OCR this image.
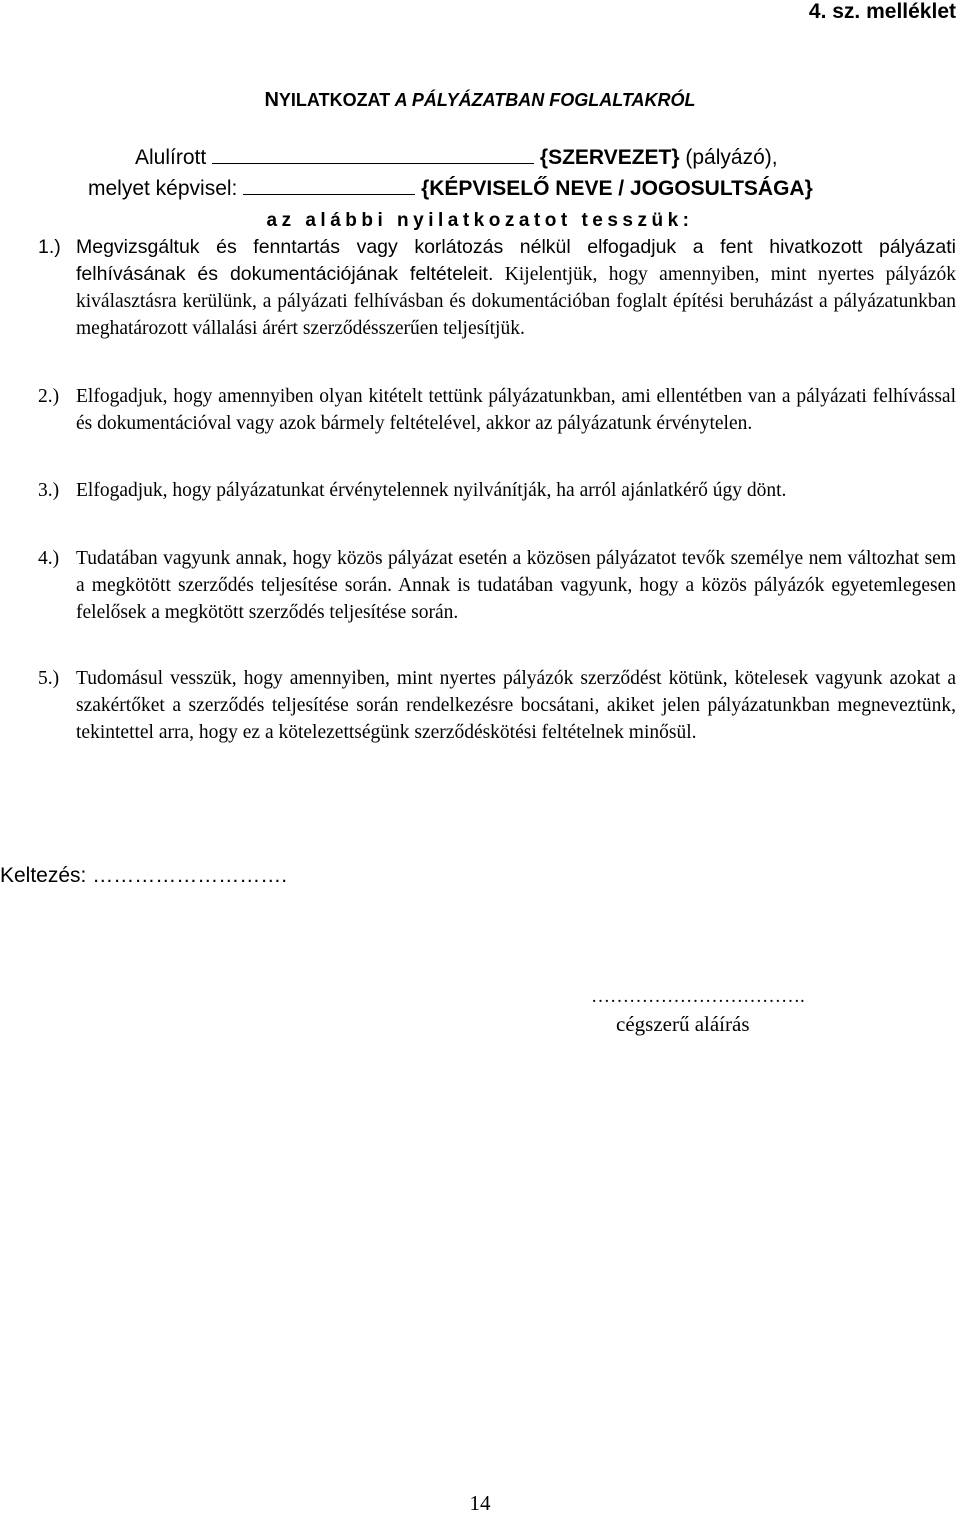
4. sz. melléklet

NYILATKOZAT A PÁLYÁZATBAN FOGLALTAKRÓL

Alulírott	{SZERVEZET} (pályázó),
melyet képvisel:	{KÉPVISELŐ NEVE / JOGOSULTSÁGA}

az alábbi nyilatkozatot tesszük:

1.) Megvizsgáltuk és fenntartás vagy korlátozás nélkül elfogadjuk a fent hivatkozott pályázati felhívásának és dokumentációjának feltételeit. Kijelentjük, hogy amennyiben, mint nyertes pályázók kiválasztásra kerülünk, a pályázati felhívásban és dokumentációban foglalt építési beruházást a pályázatunkban meghatározott vállalási árért szerződésszerűen teljesítjük.
2.) Elfogadjuk, hogy amennyiben olyan kitételt tettünk pályázatunkban, ami ellentétben van a pályázati felhívással és dokumentációval vagy azok bármely feltételével, akkor az pályázatunk érvénytelen.
3.) Elfogadjuk, hogy pályázatunkat érvénytelennek nyilvánítják, ha arról ajánlatkérő úgy dönt.
4.) Tudatában vagyunk annak, hogy közös pályázat esetén a közösen pályázatot tevők személye nem változhat sem a megkötött szerződés teljesítése során. Annak is tudatában vagyunk, hogy a közös pályázók egyetemlegesen felelősek a megkötött szerződés teljesítése során.
5.) Tudomásul vesszük, hogy amennyiben, mint nyertes pályázók szerződést kötünk, kötelesek vagyunk azokat a szakértőket a szerződés teljesítése során rendelkezésre bocsátani, akiket jelen pályázatunkban megneveztünk, tekintettel arra, hogy ez a kötelezettségünk szerződéskötési feltételnek minősül.

Keltezés: ……………………….

…………………………….

cégszerű aláírás

14
